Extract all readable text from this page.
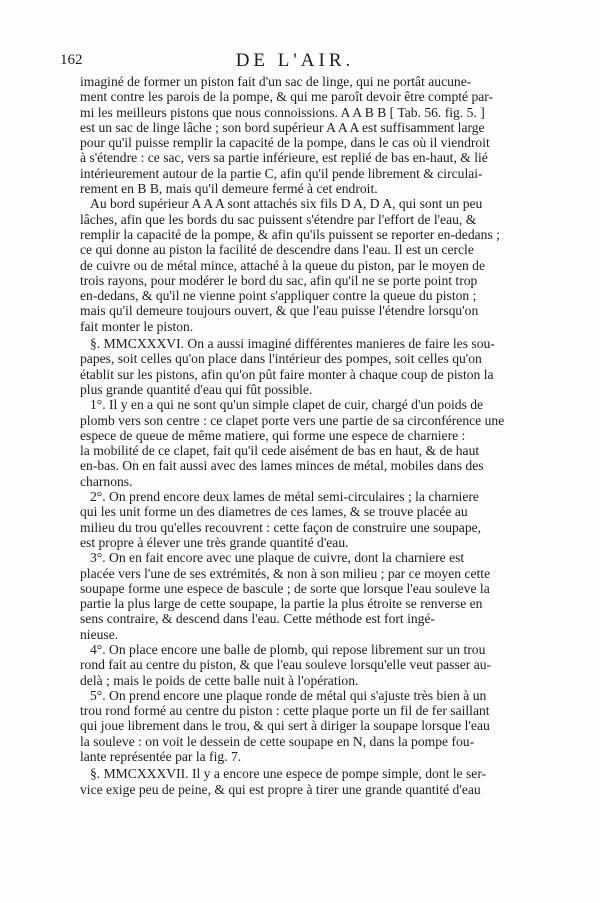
162	DE L'AIR.
imaginé de former un piston fait d'un sac de linge, qui ne portât aucune-
ment contre les parois de la pompe, & qui me paroît devoir être compté par-
mi les meilleurs pistons que nous connoissions. A A B B [ Tab. 56. fig. 5. ]
est un sac de linge lâche ; son bord supérieur A A A est suffisamment large
pour qu'il puisse remplir la capacité de la pompe, dans le cas où il viendroit
à s'étendre : ce sac, vers sa partie inférieure, est replié de bas en-haut, & lié
intérieurement autour de la partie C, afin qu'il pende librement & circulai-
rement en B B, mais qu'il demeure fermé à cet endroit.
Au bord supérieur A A A sont attachés six fils D A, D A, qui sont un peu
lâches, afin que les bords du sac puissent s'étendre par l'effort de l'eau, &
remplir la capacité de la pompe, & afin qu'ils puissent se reporter en-dedans ;
ce qui donne au piston la facilité de descendre dans l'eau. Il est un cercle
de cuivre ou de métal mince, attaché à la queue du piston, par le moyen de
trois rayons, pour modérer le bord du sac, afin qu'il ne se porte point trop
en-dedans, & qu'il ne vienne point s'appliquer contre la queue du piston ;
mais qu'il demeure toujours ouvert, & que l'eau puisse l'étendre lorsqu'on
fait monter le piston.
§. MMCXXXVI. On a aussi imaginé différentes manieres de faire les sou-
papes, soit celles qu'on place dans l'intérieur des pompes, soit celles qu'on
établit sur les pistons, afin qu'on pût faire monter à chaque coup de piston la
plus grande quantité d'eau qui fût possible.
1°. Il y en a qui ne sont qu'un simple clapet de cuir, chargé d'un poids de
plomb vers son centre : ce clapet porte vers une partie de sa circonférence une
espece de queue de même matiere, qui forme une espece de charniere :
la mobilité de ce clapet, fait qu'il cede aisément de bas en haut, & de haut
en-bas. On en fait aussi avec des lames minces de métal, mobiles dans des
charnons.
2°. On prend encore deux lames de métal semi-circulaires ; la charniere
qui les unit forme un des diametres de ces lames, & se trouve placée au
milieu du trou qu'elles recouvrent : cette façon de construire une soupape,
est propre à élever une très grande quantité d'eau.
3°. On en fait encore avec une plaque de cuivre, dont la charniere est
placée vers l'une de ses extrémités, & non à son milieu ; par ce moyen cette
soupape forme une espece de bascule ; de sorte que lorsque l'eau souleve la
partie la plus large de cette soupape, la partie la plus étroite se renverse en
sens contraire, & descend dans l'eau. Cette méthode est fort ingé-
nieuse.
4°. On place encore une balle de plomb, qui repose librement sur un trou
rond fait au centre du piston, & que l'eau souleve lorsqu'elle veut passer au-
delà ; mais le poids de cette balle nuit à l'opération.
5°. On prend encore une plaque ronde de métal qui s'ajuste très bien à un
trou rond formé au centre du piston : cette plaque porte un fil de fer saillant
qui joue librement dans le trou, & qui sert à diriger la soupape lorsque l'eau
la souleve : on voit le dessein de cette soupape en N, dans la pompe fou-
lante représentée par la fig. 7.
§. MMCXXXVII. Il y a encore une espece de pompe simple, dont le ser-
vice exige peu de peine, & qui est propre à tirer une grande quantité d'eau
